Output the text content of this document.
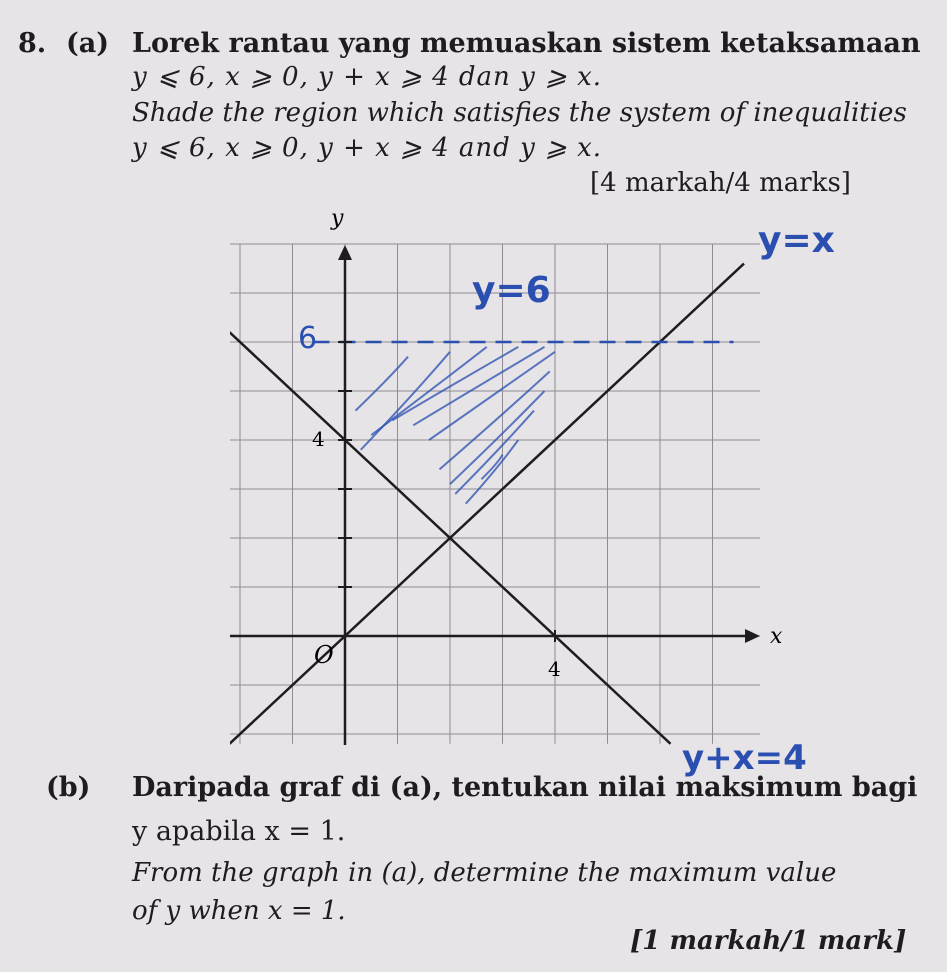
8. (a) Lorek rantau yang memuaskan sistem ketaksamaan
y ⩽ 6, x ⩾ 0, y + x ⩾ 4 dan y ⩾ x.
Shade the region which satisfies the system of inequalities
y ⩽ 6, x ⩾ 0, y + x ⩾ 4 and y ⩾ x.
[4 markah/4 marks]
y
x
O	4
4
6
y=x
y=6
y+x=4
(b) Daripada graf di (a), tentukan nilai maksimum bagi
y apabila x = 1.
From the graph in (a), determine the maximum value
of y when x = 1.
[1 markah/1 mark]
